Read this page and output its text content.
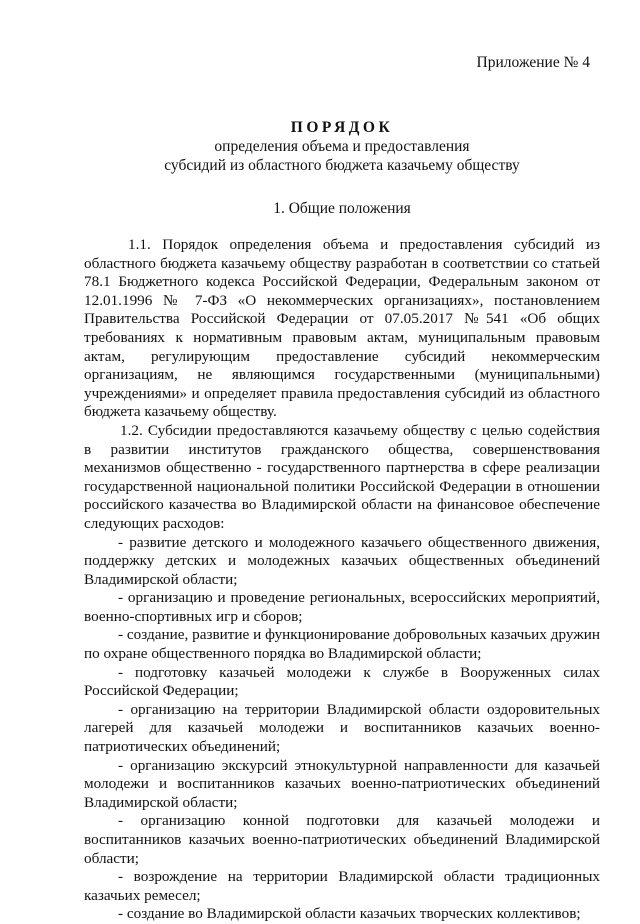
Приложение № 4
ПОРЯДОК
определения объема и предоставления
субсидий из областного бюджета казачьему обществу
1. Общие положения

1.1. Порядок определения объема и предоставления субсидий из областного бюджета казачьему обществу разработан в соответствии со статьей 78.1 Бюджетного кодекса Российской Федерации, Федеральным законом от 12.01.1996 № 7-ФЗ «О некоммерческих организациях», постановлением Правительства Российской Федерации от 07.05.2017 №541 «Об общих требованиях к нормативным правовым актам, муниципальным правовым актам, регулирующим предоставление субсидий некоммерческим организациям, не являющимся государственными (муниципальными) учреждениями» и определяет правила предоставления субсидий из областного бюджета казачьему обществу.

1.2. Субсидии предоставляются казачьему обществу с целью содействия в развитии институтов гражданского общества, совершенствования механизмов общественно - государственного партнерства в сфере реализации государственной национальной политики Российской Федерации в отношении российского казачества во Владимирской области на финансовое обеспечение следующих расходов:

- развитие детского и молодежного казачьего общественного движения, поддержку детских и молодежных казачьих общественных объединений Владимирской области;

- организацию и проведение региональных, всероссийских мероприятий, военно-спортивных игр и сборов;

- создание, развитие и функционирование добровольных казачьих дружин по охране общественного порядка во Владимирской области;

- подготовку казачьей молодежи к службе в Вооруженных силах Российской Федерации;

- организацию на территории Владимирской области оздоровительных лагерей для казачьей молодежи и воспитанников казачьих военно-патриотических объединений;

- организацию экскурсий этнокультурной направленности для казачьей молодежи и воспитанников казачьих военно-патриотических объединений Владимирской области;

- организацию конной подготовки для казачьей молодежи и воспитанников казачьих военно-патриотических объединений Владимирской области;

- возрождение на территории Владимирской области традиционных казачьих ремесел;

- создание во Владимирской области казачьих творческих коллективов;
